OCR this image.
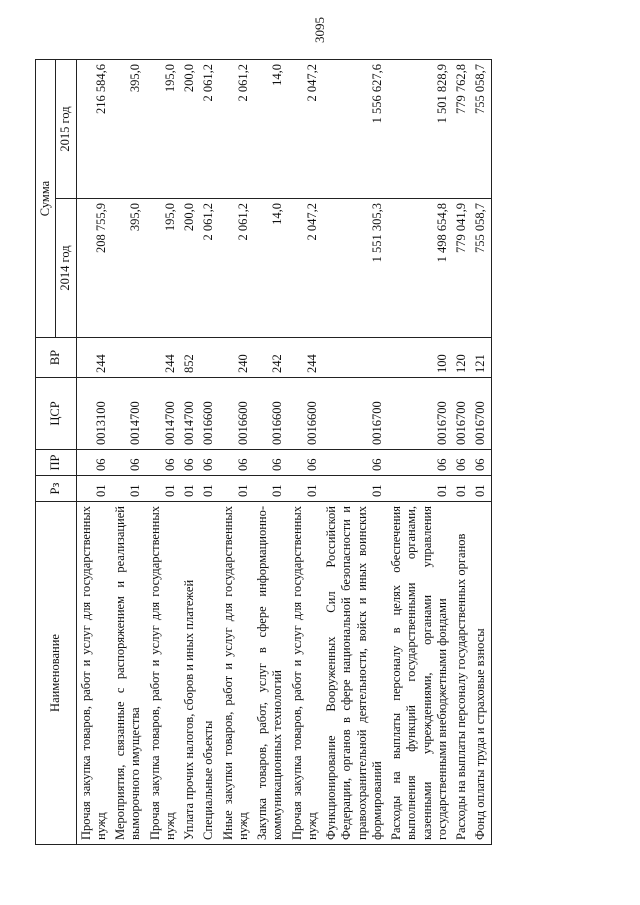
3095
Наименование	Рз	ПР	ЦСР	ВР	Сумма	
					2014 год	2015 год
Прочая закупка товаров, работ и услуг для государственных нужд	01	06	0013100	244	208 755,9	216 584,6
Мероприятия, связанные с распоряжением и реализацией выморочного имущества	01	06	0014700		395,0	395,0
Прочая закупка товаров, работ и услуг для государственных нужд	01	06	0014700	244	195,0	195,0
Уплата прочих налогов, сборов и иных платежей	01	06	0014700	852	200,0	200,0
Специальные объекты	01	06	0016600		2 061,2	2 061,2
Иные закупки товаров, работ и услуг для государственных нужд	01	06	0016600	240	2 061,2	2 061,2
Закупка товаров, работ, услуг в сфере информационно-коммуникационных технологий	01	06	0016600	242	14,0	14,0
Прочая закупка товаров, работ и услуг для государственных нужд	01	06	0016600	244	2 047,2	2 047,2
Функционирование Вооруженных Сил Российской Федерации, органов в сфере национальной безопасности и правоохранительной деятельности, войск и иных воинских формирований	01	06	0016700		1 551 305,3	1 556 627,6
Расходы на выплаты персоналу в целях обеспечения выполнения функций государственными органами, казенными учреждениями, органами управления государственными внебюджетными фондами	01	06	0016700	100	1 498 654,8	1 501 828,9
Расходы на выплаты персоналу государственных органов	01	06	0016700	120	779 041,9	779 762,8
Фонд оплаты труда и страховые взносы	01	06	0016700	121	755 058,7	755 058,7
